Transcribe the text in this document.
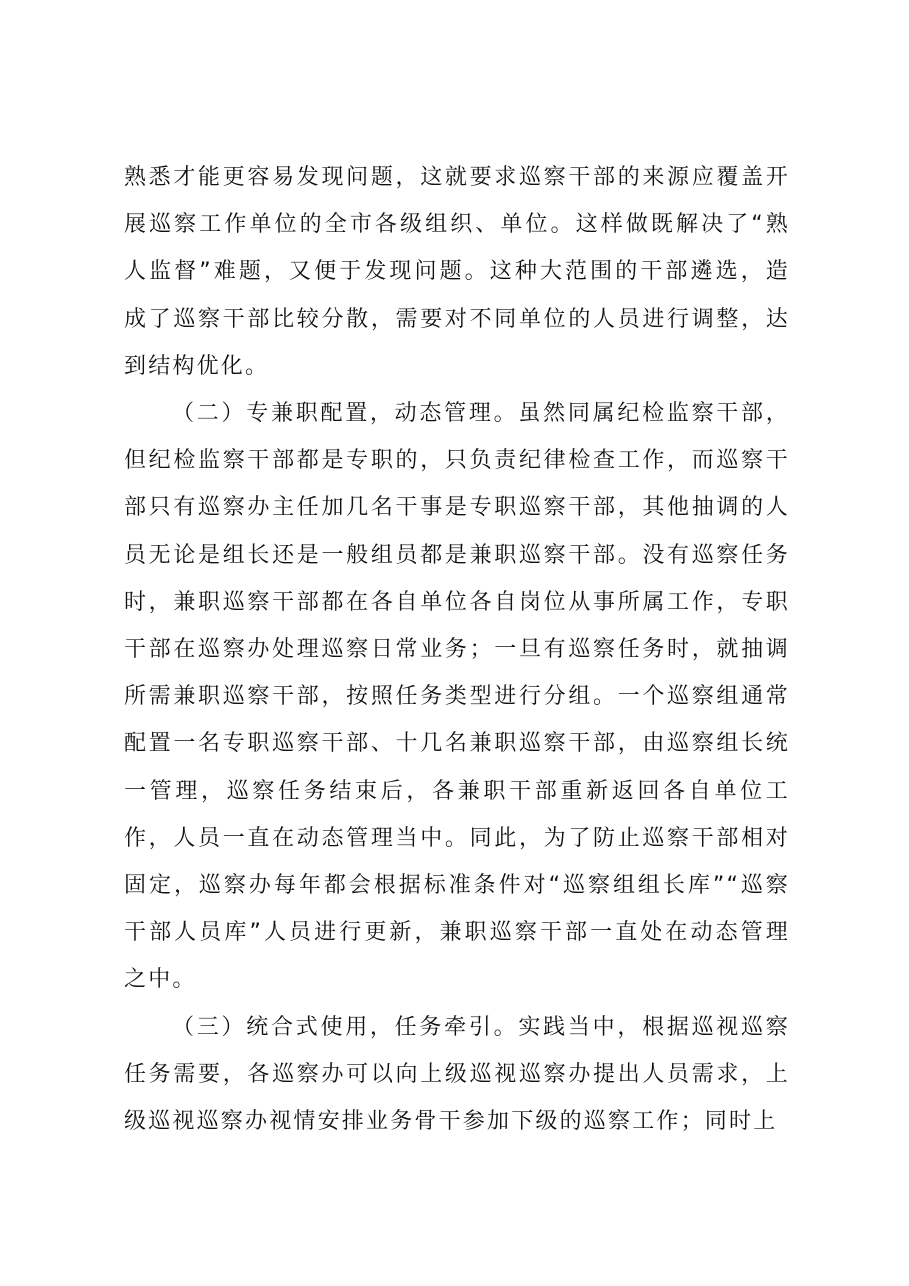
熟悉才能更容易发现问题，这就要求巡察干部的来源应覆盖开展巡察工作单位的全市各级组织、单位。这样做既解决了“熟人监督”难题，又便于发现问题。这种大范围的干部遴选，造成了巡察干部比较分散，需要对不同单位的人员进行调整，达到结构优化。

（二）专兼职配置，动态管理。虽然同属纪检监察干部，但纪检监察干部都是专职的，只负责纪律检查工作，而巡察干部只有巡察办主任加几名干事是专职巡察干部，其他抽调的人员无论是组长还是一般组员都是兼职巡察干部。没有巡察任务时，兼职巡察干部都在各自单位各自岗位从事所属工作，专职干部在巡察办处理巡察日常业务；一旦有巡察任务时，就抽调所需兼职巡察干部，按照任务类型进行分组。一个巡察组通常配置一名专职巡察干部、十几名兼职巡察干部，由巡察组长统一管理，巡察任务结束后，各兼职干部重新返回各自单位工作，人员一直在动态管理当中。同此，为了防止巡察干部相对固定，巡察办每年都会根据标准条件对“巡察组组长库”“巡察干部人员库”人员进行更新，兼职巡察干部一直处在动态管理之中。

（三）统合式使用，任务牵引。实践当中，根据巡视巡察任务需要，各巡察办可以向上级巡视巡察办提出人员需求，上级巡视巡察办视情安排业务骨干参加下级的巡察工作；同时上
